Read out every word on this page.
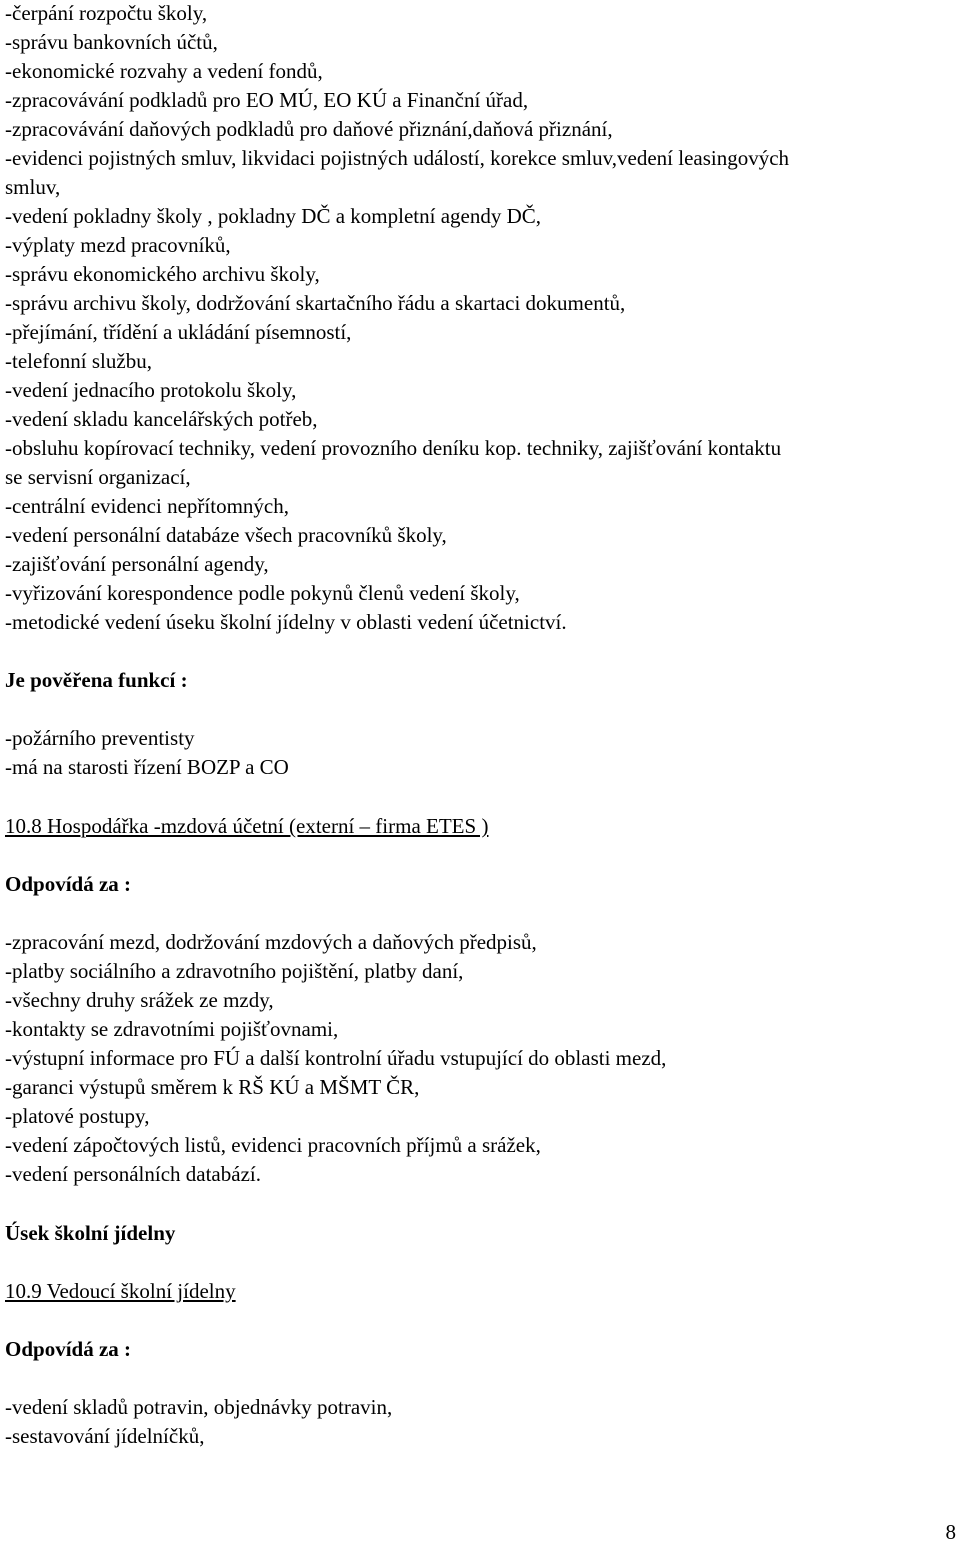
-čerpání rozpočtu školy,
-správu bankovních účtů,
-ekonomické rozvahy a vedení fondů,
-zpracovávání podkladů pro EO MÚ, EO KÚ a Finanční úřad,
-zpracovávání daňových podkladů pro daňové přiznání,daňová přiznání,
-evidenci pojistných smluv, likvidaci pojistných událostí, korekce smluv,vedení leasingových
smluv,
-vedení pokladny školy , pokladny DČ a kompletní agendy DČ,
-výplaty mezd pracovníků,
-správu ekonomického archivu školy,
-správu archivu školy, dodržování skartačního řádu a skartaci dokumentů,
-přejímání, třídění a ukládání písemností,
-telefonní službu,
-vedení jednacího protokolu školy,
-vedení skladu kancelářských potřeb,
-obsluhu kopírovací techniky, vedení provozního deníku kop. techniky, zajišťování kontaktu
se servisní organizací,
-centrální evidenci nepřítomných,
-vedení personální databáze všech pracovníků školy,
-zajišťování personální agendy,
-vyřizování korespondence podle pokynů členů vedení školy,
-metodické vedení úseku školní jídelny v oblasti vedení účetnictví.
Je pověřena funkcí :
-požárního preventisty
-má na starosti řízení BOZP a CO
10.8 Hospodářka -mzdová účetní (externí – firma ETES )
Odpovídá za :
-zpracování mezd, dodržování mzdových a daňových předpisů,
-platby sociálního a zdravotního pojištění, platby daní,
-všechny druhy srážek ze mzdy,
-kontakty se zdravotními pojišťovnami,
-výstupní informace pro FÚ a další kontrolní úřadu vstupující do oblasti mezd,
-garanci výstupů směrem k RŠ KÚ a MŠMT ČR,
-platové postupy,
-vedení zápočtových listů, evidenci pracovních příjmů a srážek,
-vedení personálních databází.
Úsek školní jídelny
10.9 Vedoucí školní jídelny
Odpovídá za :
-vedení skladů potravin, objednávky potravin,
-sestavování jídelníčků,
8
